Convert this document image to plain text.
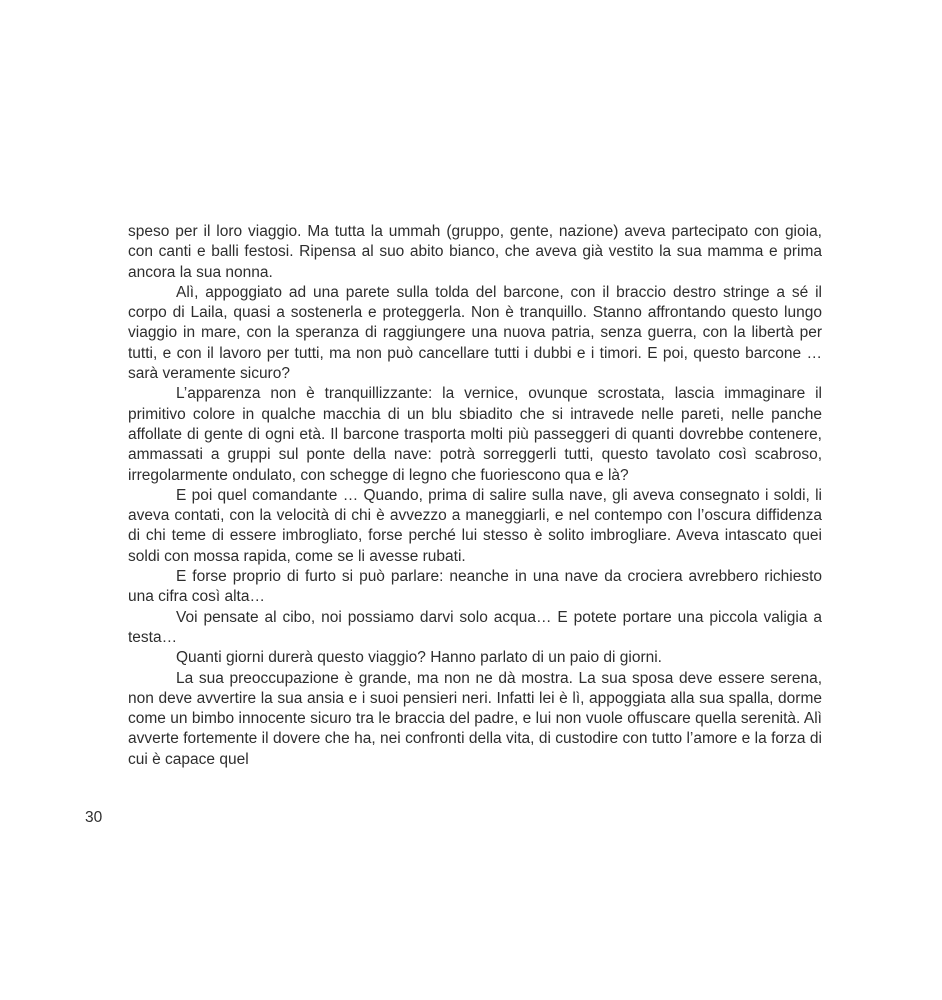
30

speso per il loro viaggio. Ma tutta la ummah (gruppo, gente, nazione) aveva partecipato con gioia, con canti e balli festosi. Ripensa al suo abito bianco, che aveva già vestito la sua mamma e prima ancora la sua nonna.

Alì, appoggiato ad una parete sulla tolda del barcone, con il braccio destro stringe a sé il corpo di Laila, quasi a sostenerla e proteggerla. Non è tranquillo. Stanno affrontando questo lungo viaggio in mare, con la speranza di raggiungere una nuova patria, senza guerra, con la libertà per tutti, e con il lavoro per tutti, ma non può cancellare tutti i dubbi e i timori. E poi, questo barcone … sarà veramente sicuro?

L’apparenza non è tranquillizzante: la vernice, ovunque scrostata, lascia immaginare il primitivo colore in qualche macchia di un blu sbiadito che si intravede nelle pareti, nelle panche affollate di gente di ogni età. Il barcone trasporta molti più passeggeri di quanti dovrebbe contenere, ammassati a gruppi sul ponte della nave: potrà sorreggerli tutti, questo tavolato così scabroso, irregolarmente ondulato, con schegge di legno che fuoriescono qua e là?

E poi quel comandante … Quando, prima di salire sulla nave, gli aveva consegnato i soldi, li aveva contati, con la velocità di chi è avvezzo a maneggiarli, e nel contempo con l’oscura diffidenza di chi teme di essere imbrogliato, forse perché lui stesso è solito imbrogliare. Aveva intascato quei soldi con mossa rapida, come se li avesse rubati.

E forse proprio di furto si può parlare: neanche in una nave da crociera avrebbero richiesto una cifra così alta…

Voi pensate al cibo, noi possiamo darvi solo acqua… E potete portare una piccola valigia a testa…

Quanti giorni durerà questo viaggio? Hanno parlato di un paio di giorni.

La sua preoccupazione è grande, ma non ne dà mostra. La sua sposa deve essere serena, non deve avvertire la sua ansia e i suoi pensieri neri. Infatti lei è lì, appoggiata alla sua spalla, dorme come un bimbo innocente sicuro tra le braccia del padre, e lui non vuole offuscare quella serenità. Alì avverte fortemente il dovere che ha, nei confronti della vita, di custodire con tutto l’amore e la forza di cui è capace quel
